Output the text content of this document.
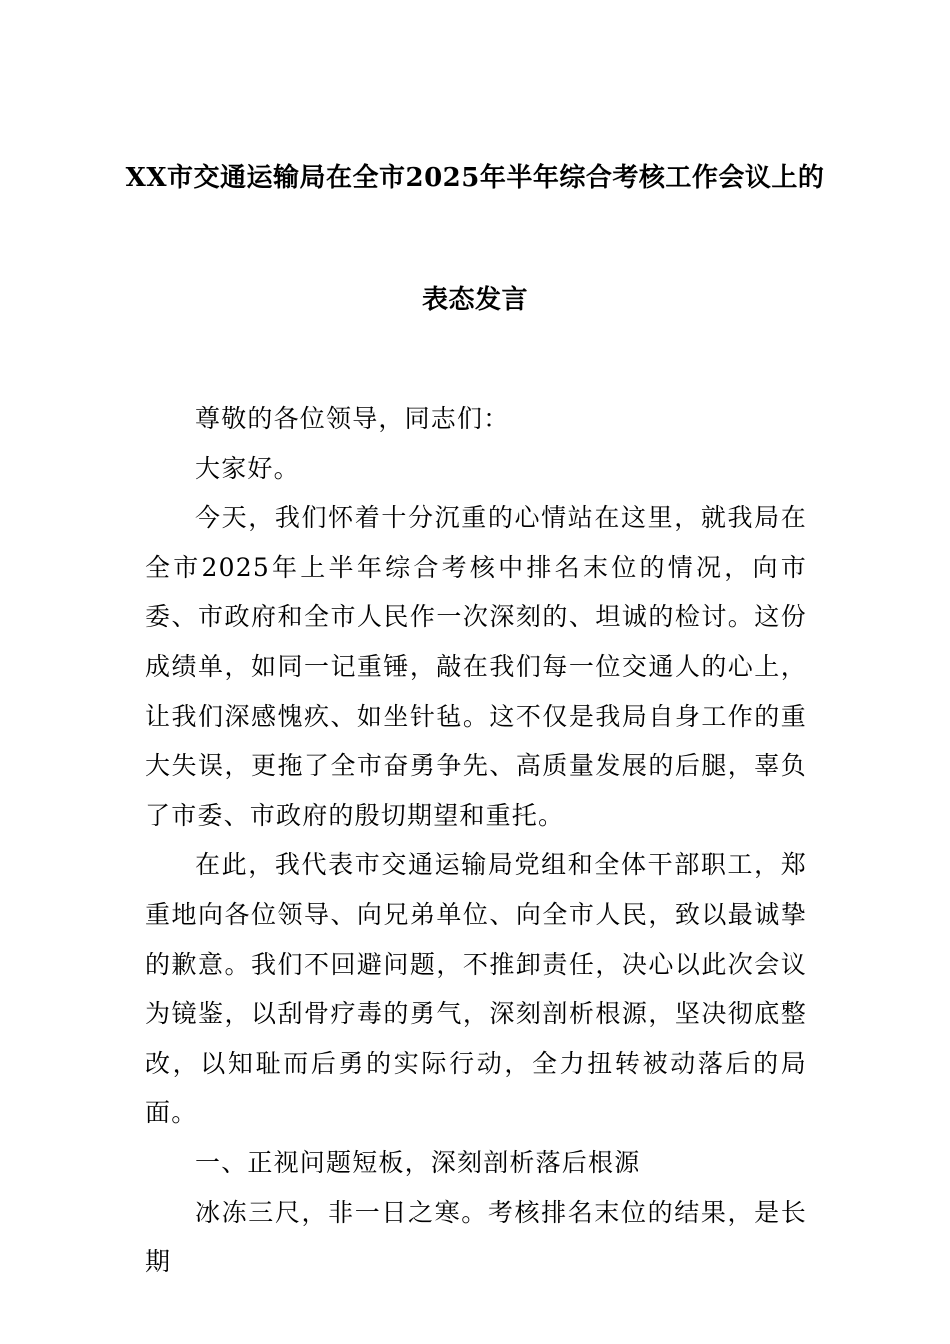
XX市交通运输局在全市2025年半年综合考核工作会议上的
表态发言

尊敬的各位领导，同志们：

大家好。

今天，我们怀着十分沉重的心情站在这里，就我局在全市2025年上半年综合考核中排名末位的情况，向市委、市政府和全市人民作一次深刻的、坦诚的检讨。这份成绩单，如同一记重锤，敲在我们每一位交通人的心上，让我们深感愧疚、如坐针毡。这不仅是我局自身工作的重大失误，更拖了全市奋勇争先、高质量发展的后腿，辜负了市委、市政府的殷切期望和重托。

在此，我代表市交通运输局党组和全体干部职工，郑重地向各位领导、向兄弟单位、向全市人民，致以最诚挚的歉意。我们不回避问题，不推卸责任，决心以此次会议为镜鉴，以刮骨疗毒的勇气，深刻剖析根源，坚决彻底整改，以知耻而后勇的实际行动，全力扭转被动落后的局面。

一、正视问题短板，深刻剖析落后根源

冰冻三尺，非一日之寒。考核排名末位的结果，是长期
